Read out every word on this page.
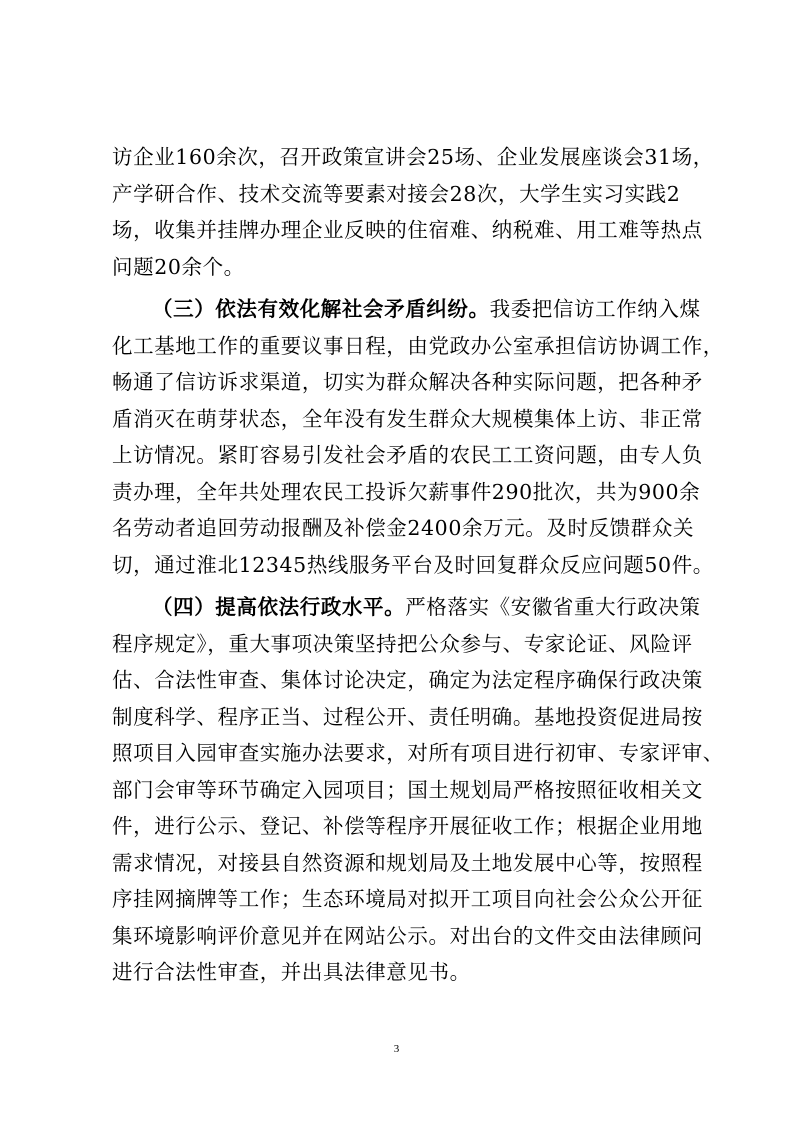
访企业160余次，召开政策宣讲会25场、企业发展座谈会31场，
产学研合作、技术交流等要素对接会28次，大学生实习实践2
场，收集并挂牌办理企业反映的住宿难、纳税难、用工难等热点
问题20余个。
（三）依法有效化解社会矛盾纠纷。我委把信访工作纳入煤
化工基地工作的重要议事日程，由党政办公室承担信访协调工作，
畅通了信访诉求渠道，切实为群众解决各种实际问题，把各种矛
盾消灭在萌芽状态，全年没有发生群众大规模集体上访、非正常
上访情况。紧盯容易引发社会矛盾的农民工工资问题，由专人负
责办理，全年共处理农民工投诉欠薪事件290批次，共为900余
名劳动者追回劳动报酬及补偿金2400余万元。及时反馈群众关
切，通过淮北12345热线服务平台及时回复群众反应问题50件。
（四）提高依法行政水平。严格落实《安徽省重大行政决策
程序规定》，重大事项决策坚持把公众参与、专家论证、风险评
估、合法性审查、集体讨论决定，确定为法定程序确保行政决策
制度科学、程序正当、过程公开、责任明确。基地投资促进局按
照项目入园审查实施办法要求，对所有项目进行初审、专家评审、
部门会审等环节确定入园项目；国土规划局严格按照征收相关文
件，进行公示、登记、补偿等程序开展征收工作；根据企业用地
需求情况，对接县自然资源和规划局及土地发展中心等，按照程
序挂网摘牌等工作；生态环境局对拟开工项目向社会公众公开征
集环境影响评价意见并在网站公示。对出台的文件交由法律顾问
进行合法性审查，并出具法律意见书。
3
